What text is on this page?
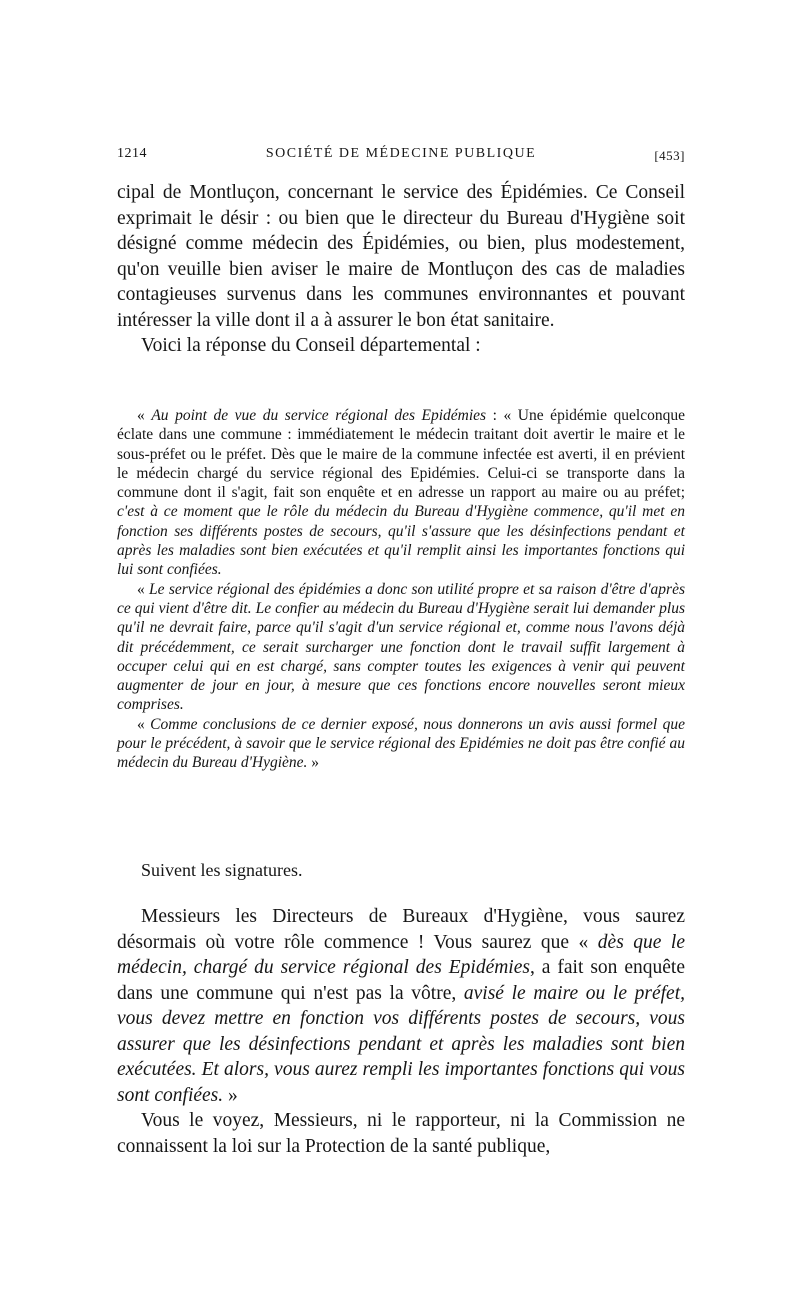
1214	SOCIÉTÉ DE MÉDECINE PUBLIQUE	[453]

cipal de Montluçon, concernant le service des Épidémies. Ce Conseil exprimait le désir : ou bien que le directeur du Bureau d'Hygiène soit désigné comme médecin des Épidémies, ou bien, plus modestement, qu'on veuille bien aviser le maire de Montluçon des cas de maladies contagieuses survenus dans les communes environnantes et pouvant intéresser la ville dont il a à assurer le bon état sanitaire.

Voici la réponse du Conseil départemental :

« Au point de vue du service régional des Epidémies : « Une épidémie quelconque éclate dans une commune : immédiatement le médecin traitant doit avertir le maire et le sous-préfet ou le préfet. Dès que le maire de la commune infectée est averti, il en prévient le médecin chargé du service régional des Epidémies. Celui-ci se transporte dans la commune dont il s'agit, fait son enquête et en adresse un rapport au maire ou au préfet; c'est à ce moment que le rôle du médecin du Bureau d'Hygiène commence, qu'il met en fonction ses différents postes de secours, qu'il s'assure que les désinfections pendant et après les maladies sont bien exécutées et qu'il remplit ainsi les importantes fonctions qui lui sont confiées.

« Le service régional des épidémies a donc son utilité propre et sa raison d'être d'après ce qui vient d'être dit. Le confier au médecin du Bureau d'Hygiène serait lui demander plus qu'il ne devrait faire, parce qu'il s'agit d'un service régional et, comme nous l'avons déjà dit précédemment, ce serait surcharger une fonction dont le travail suffit largement à occuper celui qui en est chargé, sans compter toutes les exigences à venir qui peuvent augmenter de jour en jour, à mesure que ces fonctions encore nouvelles seront mieux comprises.

« Comme conclusions de ce dernier exposé, nous donnerons un avis aussi formel que pour le précédent, à savoir que le service régional des Epidémies ne doit pas être confié au médecin du Bureau d'Hygiène. »

Suivent les signatures.

Messieurs les Directeurs de Bureaux d'Hygiène, vous saurez désormais où votre rôle commence ! Vous saurez que « dès que le médecin, chargé du service régional des Epidémies, a fait son enquête dans une commune qui n'est pas la vôtre, avisé le maire ou le préfet, vous devez mettre en fonction vos différents postes de secours, vous assurer que les désinfections pendant et après les maladies sont bien exécutées. Et alors, vous aurez rempli les importantes fonctions qui vous sont confiées. »

Vous le voyez, Messieurs, ni le rapporteur, ni la Commission ne connaissent la loi sur la Protection de la santé publique,
